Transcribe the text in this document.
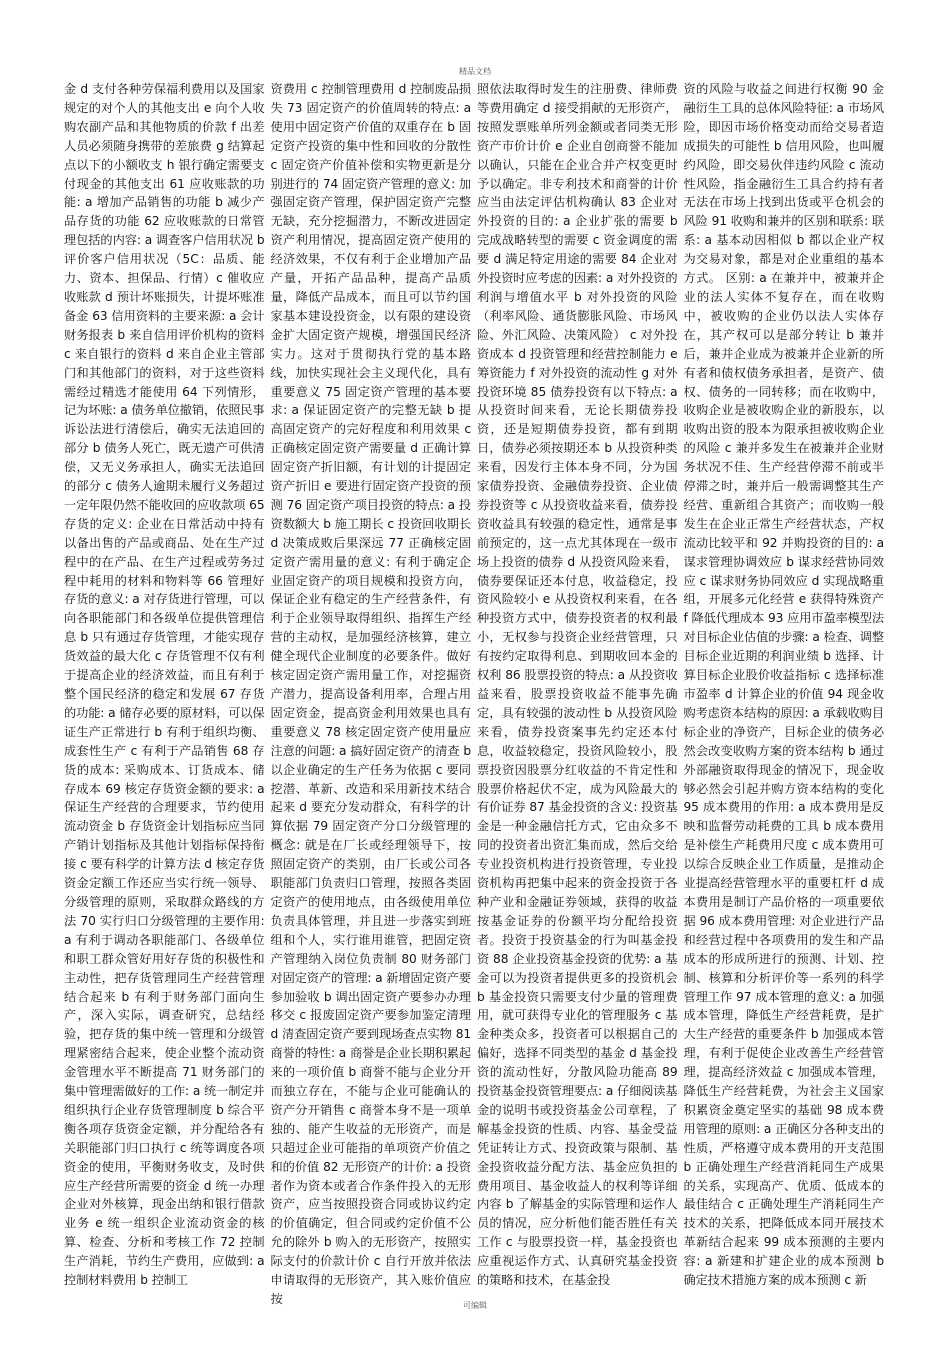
精品文档
金 d 支付各种劳保福利费用以及国家规定的对个人的其他支出 e 向个人收购农副产品和其他物质的价款 f 出差人员必须随身携带的差旅费 g 结算起点以下的小额收支 h 银行确定需要支付现金的其他支出 61 应收账款的功能: a 增加产品销售的功能 b 减少产品存货的功能 62 应收账款的日常管理包括的内容: a 调查客户信用状况 b 评价客户信用状况（5C：品质、能力、资本、担保品、行情）c 催收应收账款 d 预计坏账损失，计提坏账准备金 63 信用资料的主要来源: a 会计财务报表 b 来自信用评价机构的资料 c 来自银行的资料 d 来自企业主管部门和其他部门的资料，对于这些资料需经过精选才能使用 64 下列情形，记为坏账: a 债务单位撤销，依照民事诉讼法进行清偿后，确实无法追回的部分 b 债务人死亡，既无遗产可供清偿，又无义务承担人，确实无法追回的部分 c 债务人逾期未履行义务超过一定年限仍然不能收回的应收款项 65 存货的定义: 企业在日常活动中持有以备出售的产品或商品、处在生产过程中的在产品、在生产过程或劳务过程中耗用的材料和物料等 66 管理好存货的意义: a 对存货进行管理，可以向各职能部门和各级单位提供管理信息 b 只有通过存货管理，才能实现存货效益的最大化 c 存货管理不仅有利于提高企业的经济效益，而且有利于整个国民经济的稳定和发展 67 存货的功能: a 储存必要的原材料，可以保证生产正常进行 b 有利于组织均衡、成套性生产 c 有利于产品销售 68 存货的成本: 采购成本、订货成本、储存成本 69 核定存货资金额的要求: a 保证生产经营的合理要求，节约使用流动资金 b 存货资金计划指标应当同产销计划指标及其他计划指标保持衔接 c 要有科学的计算方法 d 核定存货资金定额工作还应当实行统一领导、分级管理的原则，采取群众路线的方法 70 实行归口分级管理的主要作用: a 有利于调动各职能部门、各级单位和职工群众管好用好存货的积极性和主动性，把存货管理同生产经营管理结合起来 b 有利于财务部门面向生产，深入实际，调查研究，总结经验，把存货的集中统一管理和分级管理紧密结合起来，使企业整个流动资金管理水平不断提高 71 财务部门的集中管理需做好的工作: a 统一制定并组织执行企业存货管理制度 b 综合平衡各项存货资金定额，并分配给各有关职能部门归口执行 c 统等调度各项资金的使用，平衡财务收支，及时供应生产经营所需要的资金 d 统一办理企业对外核算，现金出纳和银行借款业务 e 统一组织企业流动资金的核算、检查、分析和考核工作 72 控制生产消耗，节约生产费用，应做到: a 控制材料费用 b 控制工
资费用 c 控制管理费用 d 控制废品损失 73 固定资产的价值周转的特点: a 使用中固定资产价值的双重存在 b 固定资产投资的集中性和回收的分散性 c 固定资产价值补偿和实物更新是分别进行的 74 固定资产管理的意义: 加强固定资产管理，保护固定资产完整无缺，充分挖掘潜力，不断改进固定资产利用情况，提高固定资产使用的经济效果，不仅有利于企业增加产品产量，开拓产品品种，提高产品质量，降低产品成本，而且可以节约国家基本建设投资金，以有限的建设资金扩大固定资产规模，增强国民经济实力。这对于贯彻执行党的基本路线，加快实现社会主义现代化，具有重要意义 75 固定资产管理的基本要求: a 保证固定资产的完整无缺 b 提高固定资产的完好程度和利用效果 c 正确核定固定资产需要量 d 正确计算固定资产折旧额，有计划的计提固定资产折旧 e 要进行固定资产投资的预测 76 固定资产项目投资的特点: a 投资数额大 b 施工期长 c 投资回收期长 d 决策成败后果深远 77 正确核定固定资产需用量的意义: 有利于确定企业固定资产的项目规模和投资方向，保证企业有稳定的生产经营条件，有利于企业领导取得组织、指挥生产经营的主动权，是加强经济核算，建立健全现代企业制度的必要条件。做好核定固定资产需用量工作，对挖掘资产潜力，提高设备利用率，合理占用固定资金，提高资金利用效果也具有重要意义 78 核定固定资产使用量应注意的问题: a 搞好固定资产的清查 b 以企业确定的生产任务为依据 c 要同挖潜、革新、改造和采用新技术结合起来 d 要充分发动群众，有科学的计算依据 79 固定资产分口分级管理的概念: 就是在厂长或经理领导下，按照固定资产的类别，由厂长或公司各职能部门负责归口管理，按照各类固定资产的使用地点，由各级使用单位负责具体管理，并且进一步落实到班组和个人，实行谁用谁管，把固定资产管理纳入岗位负责制 80 财务部门对固定资产的管理: a 新增固定资产要参加验收 b 调出固定资产要参办办理移交 c 报废固定资产要参加鉴定清理 d 清查固定资产要到现场查点实物 81 商誉的特性: a 商誉是企业长期积累起来的一项价值 b 商誉不能与企业分开而独立存在，不能与企业可能确认的资产分开销售 c 商誉本身不是一项单独的、能产生收益的无形资产，而是只超过企业可能指的单项资产价值之和的价值 82 无形资产的计价: a 投资者作为资本或者合作条件投入的无形资产，应当按照投资合同或协议约定的价值确定，但合同或约定价值不公允的除外 b 购入的无形资产，按照实际支付的价款计价 c 自行开放并依法申请取得的无形资产，其入账价值应按
照依法取得时发生的注册费、律师费等费用确定 d 接受捐献的无形资产，按照发票账单所列金额或者同类无形资产市价计价 e 企业自创商誉不能加以确认，只能在企业合并产权变更时予以确定。非专利技术和商誉的计价应当由法定评估机构确认 83 企业对外投资的目的: a 企业扩张的需要 b 完成战略转型的需要 c 资金调度的需要 d 满足特定用途的需要 84 企业对外投资时应考虑的因素: a 对外投资的利润与增值水平 b 对外投资的风险（利率风险、通货膨胀风险、市场风险、外汇风险、决策风险） c 对外投资成本 d 投资管理和经营控制能力 e 筹资能力 f 对外投资的流动性 g 对外投资环境 85 债券投资有以下特点: a 从投资时间来看，无论长期债券投资，还是短期债券投资，都有到期日，债券必须按期还本 b 从投资种类来看，因发行主体本身不同，分为国家债券投资、金融债券投资、企业债券投资等 c 从投资收益来看，债券投资收益具有较强的稳定性，通常是事前预定的，这一点尤其体现在一级市场上投资的债券 d 从投资风险来看，债券要保证还本付息，收益稳定，投资风险较小 e 从投资权利来看，在各种投资方式中，债券投资者的权利最小，无权参与投资企业经营管理，只有按约定取得利息、到期收回本金的权利 86 股票投资的特点: a 从投资收益来看，股票投资收益不能事先确定，具有较强的波动性 b 从投资风险来看，债券投资案事先约定还本付息，收益较稳定，投资风险较小，股票投资因股票分红收益的不肯定性和股票价格起伏不定，成为风险最大的有价证券 87 基金投资的含义: 投资基金是一种金融信托方式，它由众多不同的投资者出资汇集而成，然后交给专业投资机构进行投资管理，专业投资机构再把集中起来的资金投资于各种产业和金融证券领域，获得的收益按基金证券的份额平均分配给投资者。投资于投资基金的行为叫基金投资 88 企业投资基金投资的优势: a 基金可以为投资者提供更多的投资机会 b 基金投资只需要支付少量的管理费用，就可获得专业化的管理服务 c 基金种类众多，投资者可以根据自己的偏好，选择不同类型的基金 d 基金投资的流动性好，分散风险功能高 89 投资基金投资管理要点: a 仔细阅读基金的说明书或投资基金公司章程，了解基金投资的性质、内容、基金受益凭证转让方式、投资政策与限制、基金投资收益分配方法、基金应负担的费用项目、基金收益人的权利等详细内容 b 了解基金的实际管理和运作人员的情况，应分析他们能否胜任有关工作 c 与股票投资一样，基金投资也应重视运作方式、认真研究基金投资的策略和技术，在基金投
资的风险与收益之间进行权衡 90 金融衍生工具的总体风险特征: a 市场风险，即因市场价格变动而给交易者造成损失的可能性 b 信用风险，也叫履约风险，即交易伙伴违约风险 c 流动性风险，指金融衍生工具合约持有者无法在市场上找到出货或平仓机会的风险 91 收购和兼并的区别和联系: 联系: a 基本动因相似 b 都以企业产权为交易对象，都是对企业重组的基本方式。 区别: a 在兼并中，被兼并企业的法人实体不复存在，而在收购中，被收购的企业仍以法人实体存在，其产权可以是部分转让 b 兼并后，兼并企业成为被兼并企业新的所有者和债权债务承担者，是资产、债权、债务的一同转移；而在收购中，收购企业是被收购企业的新股东，以收购出资的股本为限承担被收购企业的风险 c 兼并多发生在被兼并企业财务状况不佳、生产经营停滞不前或半停滞之时，兼并后一般需调整其生产经营、重新组合其资产；而收购一般发生在企业正常生产经营状态，产权流动比较平和 92 并购投资的目的: a 谋求管理协调效应 b 谋求经营协同效应 c 谋求财务协同效应 d 实现战略重组，开展多元化经营 e 获得特殊资产 f 降低代理成本 93 应用市盈率模型法对目标企业估值的步骤: a 检查、调整目标企业近期的利润业绩 b 选择、计算目标企业股价收益指标 c 选择标准市盈率 d 计算企业的价值 94 现金收购考虑资本结构的原因: a 承载收购目标企业的净资产，目标企业的债务必然会改变收购方案的资本结构 b 通过外部融资取得现金的情况下，现金收够必然会引起并购方资本结构的变化 95 成本费用的作用: a 成本费用是反映和监督劳动耗费的工具 b 成本费用是补偿生产耗费用尺度 c 成本费用可以综合反映企业工作质量，是推动企业提高经营管理水平的重要杠杆 d 成本费用是制订产品价格的一项重要依据 96 成本费用管理: 对企业进行产品和经营过程中各项费用的发生和产品成本的形成所进行的预测、计划、控制、核算和分析评价等一系列的科学管理工作 97 成本管理的意义: a 加强成本管理，降低生产经营耗费，是扩大生产经营的重要条件 b 加强成本管理，有利于促使企业改善生产经营管理，提高经济效益 c 加强成本管理，降低生产经营耗费，为社会主义国家积累资金奠定坚实的基础 98 成本费用管理的原则: a 正确区分各种支出的性质，严格遵守成本费用的开支范围 b 正确处理生产经营消耗同生产成果的关系，实现高产、优质、低成本的最佳结合 c 正确处理生产消耗同生产技术的关系，把降低成本同开展技术革新结合起来 99 成本预测的主要内容: a 新建和扩建企业的成本预测 b 确定技术措施方案的成本预测 c 新
可编辑
